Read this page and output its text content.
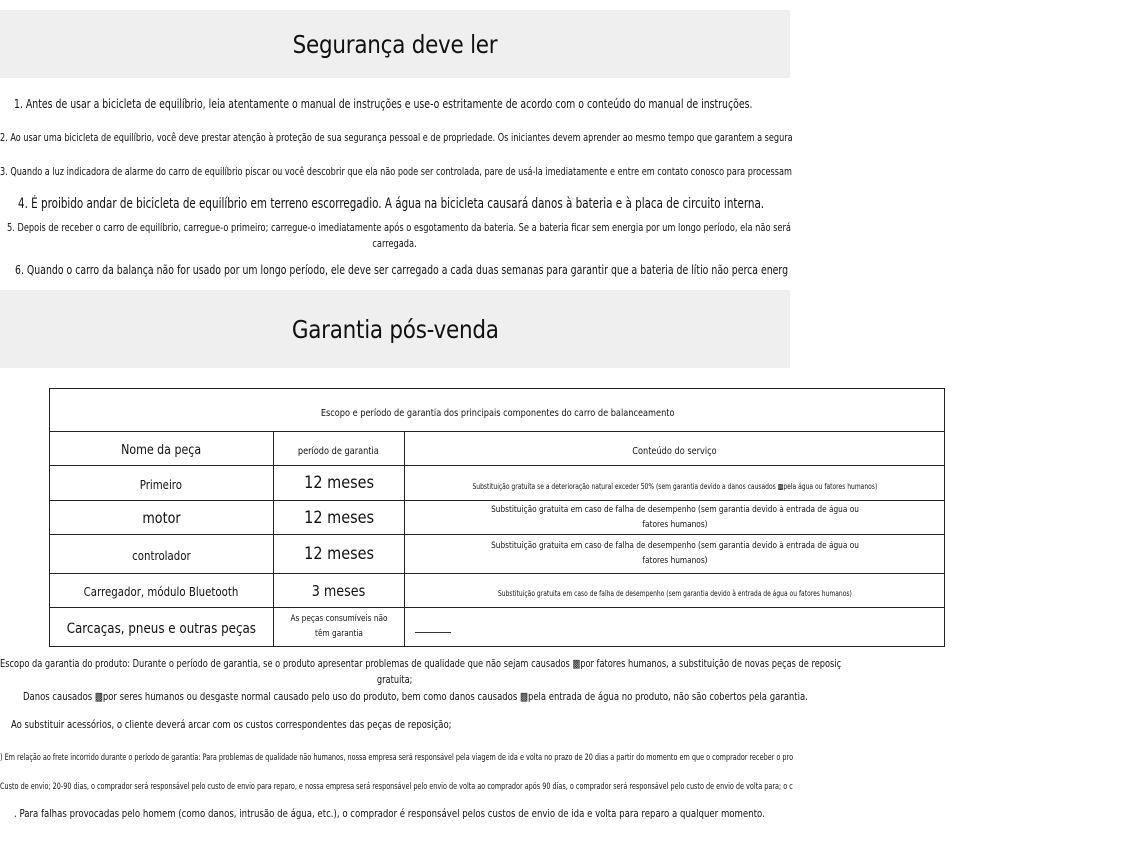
Segurança deve ler
1. Antes de usar a bicicleta de equilíbrio, leia atentamente o manual de instruções e use-o estritamente de acordo com o conteúdo do manual de instruções.
2. Ao usar uma bicicleta de equilíbrio, você deve prestar atenção à proteção de sua segurança pessoal e de propriedade. Os iniciantes devem aprender ao mesmo tempo que garantem a segura
3. Quando a luz indicadora de alarme do carro de equilíbrio piscar ou você descobrir que ela não pode ser controlada, pare de usá-la imediatamente e entre em contato conosco para processam
4. É proibido andar de bicicleta de equilíbrio em terreno escorregadio. A água na bicicleta causará danos à bateria e à placa de circuito interna.
5. Depois de receber o carro de equilíbrio, carregue-o primeiro; carregue-o imediatamente após o esgotamento da bateria. Se a bateria ficar sem energia por um longo período, ela não será
carregada.
6. Quando o carro da balança não for usado por um longo período, ele deve ser carregado a cada duas semanas para garantir que a bateria de lítio não perca energ
Garantia pós-venda
Escopo e período de garantia dos principais componentes do carro de balanceamento		
Nome da peça	período de garantia	Conteúdo do serviço
Primeiro	12 meses	Substituição gratuita se a deterioração natural exceder 50% (sem garantia devido a danos causados ▩pela água ou fatores humanos)
motor	12 meses	Substituição gratuita em caso de falha de desempenho (sem garantia devido à entrada de água ou fatores humanos)
controlador	12 meses	Substituição gratuita em caso de falha de desempenho (sem garantia devido à entrada de água ou fatores humanos)
Carregador, módulo Bluetooth	3 meses	Substituição gratuita em caso de falha de desempenho (sem garantia devido à entrada de água ou fatores humanos)
Carcaças, pneus e outras peças	As peças consumíveis não têm garantia	
Escopo da garantia do produto: Durante o período de garantia, se o produto apresentar problemas de qualidade que não sejam causados ▩por fatores humanos, a substituição de novas peças de reposiç
gratuita;
Danos causados ▩por seres humanos ou desgaste normal causado pelo uso do produto, bem como danos causados ▩pela entrada de água no produto, não são cobertos pela garantia.
Ao substituir acessórios, o cliente deverá arcar com os custos correspondentes das peças de reposição;
) Em relação ao frete incorrido durante o período de garantia: Para problemas de qualidade não humanos, nossa empresa será responsável pela viagem de ida e volta no prazo de 20 dias a partir do momento em que o comprador receber o pro
Custo de envio; 20-90 dias, o comprador será responsável pelo custo de envio para reparo, e nossa empresa será responsável pelo envio de volta ao comprador após 90 dias, o comprador será responsável pelo custo de envio de volta para; o c
. Para falhas provocadas pelo homem (como danos, intrusão de água, etc.), o comprador é responsável pelos custos de envio de ida e volta para reparo a qualquer momento.
